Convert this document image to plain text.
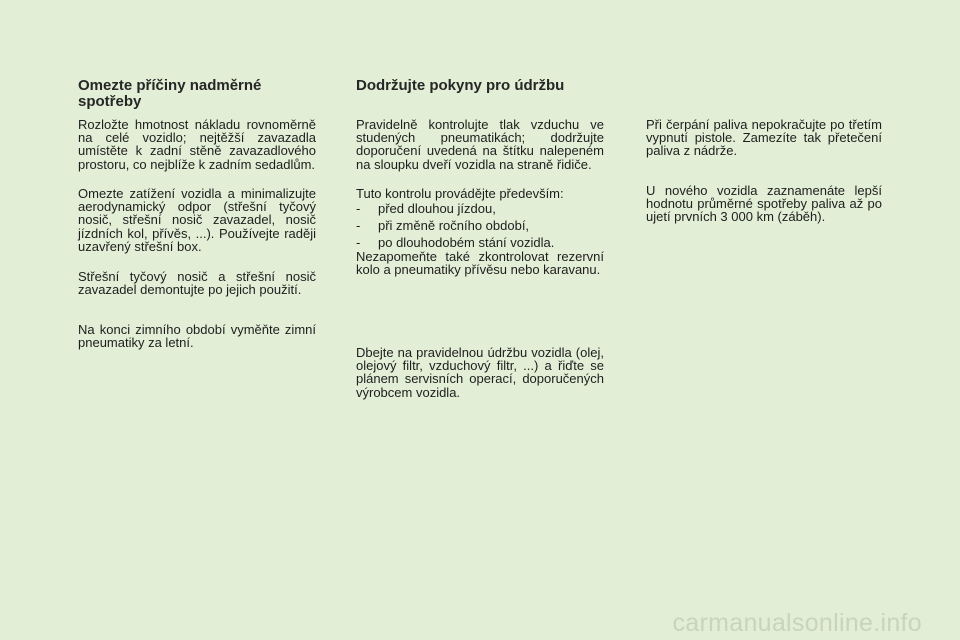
Omezte příčiny nadměrné spotřeby

Rozložte hmotnost nákladu rovnoměrně na celé vozidlo; nejtěžší zavazadla umístěte k zadní stěně zavazadlového prostoru, co nejblíže k zadním sedadlům.

Omezte zatížení vozidla a minimalizujte aerodynamický odpor (střešní tyčový nosič, střešní nosič zavazadel, nosič jízdních kol, přívěs, ...). Používejte raději uzavřený střešní box.

Střešní tyčový nosič a střešní nosič zavazadel demontujte po jejich použití.

Na konci zimního období vyměňte zimní pneumatiky za letní.

Dodržujte pokyny pro údržbu

Pravidelně kontrolujte tlak vzduchu ve studených pneumatikách; dodržujte doporučení uvedená na štítku nalepeném na sloupku dveří vozidla na straně řidiče.

Tuto kontrolu provádějte především:

-	před dlouhou jízdou,
-	při změně ročního období,
-	po dlouhodobém stání vozidla.

Nezapomeňte také zkontrolovat rezervní kolo a pneumatiky přívěsu nebo karavanu.

Dbejte na pravidelnou údržbu vozidla (olej, olejový filtr, vzduchový filtr, ...) a řiďte se plánem servisních operací, doporučených výrobcem vozidla.

Při čerpání paliva nepokračujte po třetím vypnutí pistole. Zamezíte tak přetečení paliva z nádrže.

U nového vozidla zaznamenáte lepší hodnotu průměrné spotřeby paliva až po ujetí prvních 3 000 km (záběh).

carmanualsonline.info
